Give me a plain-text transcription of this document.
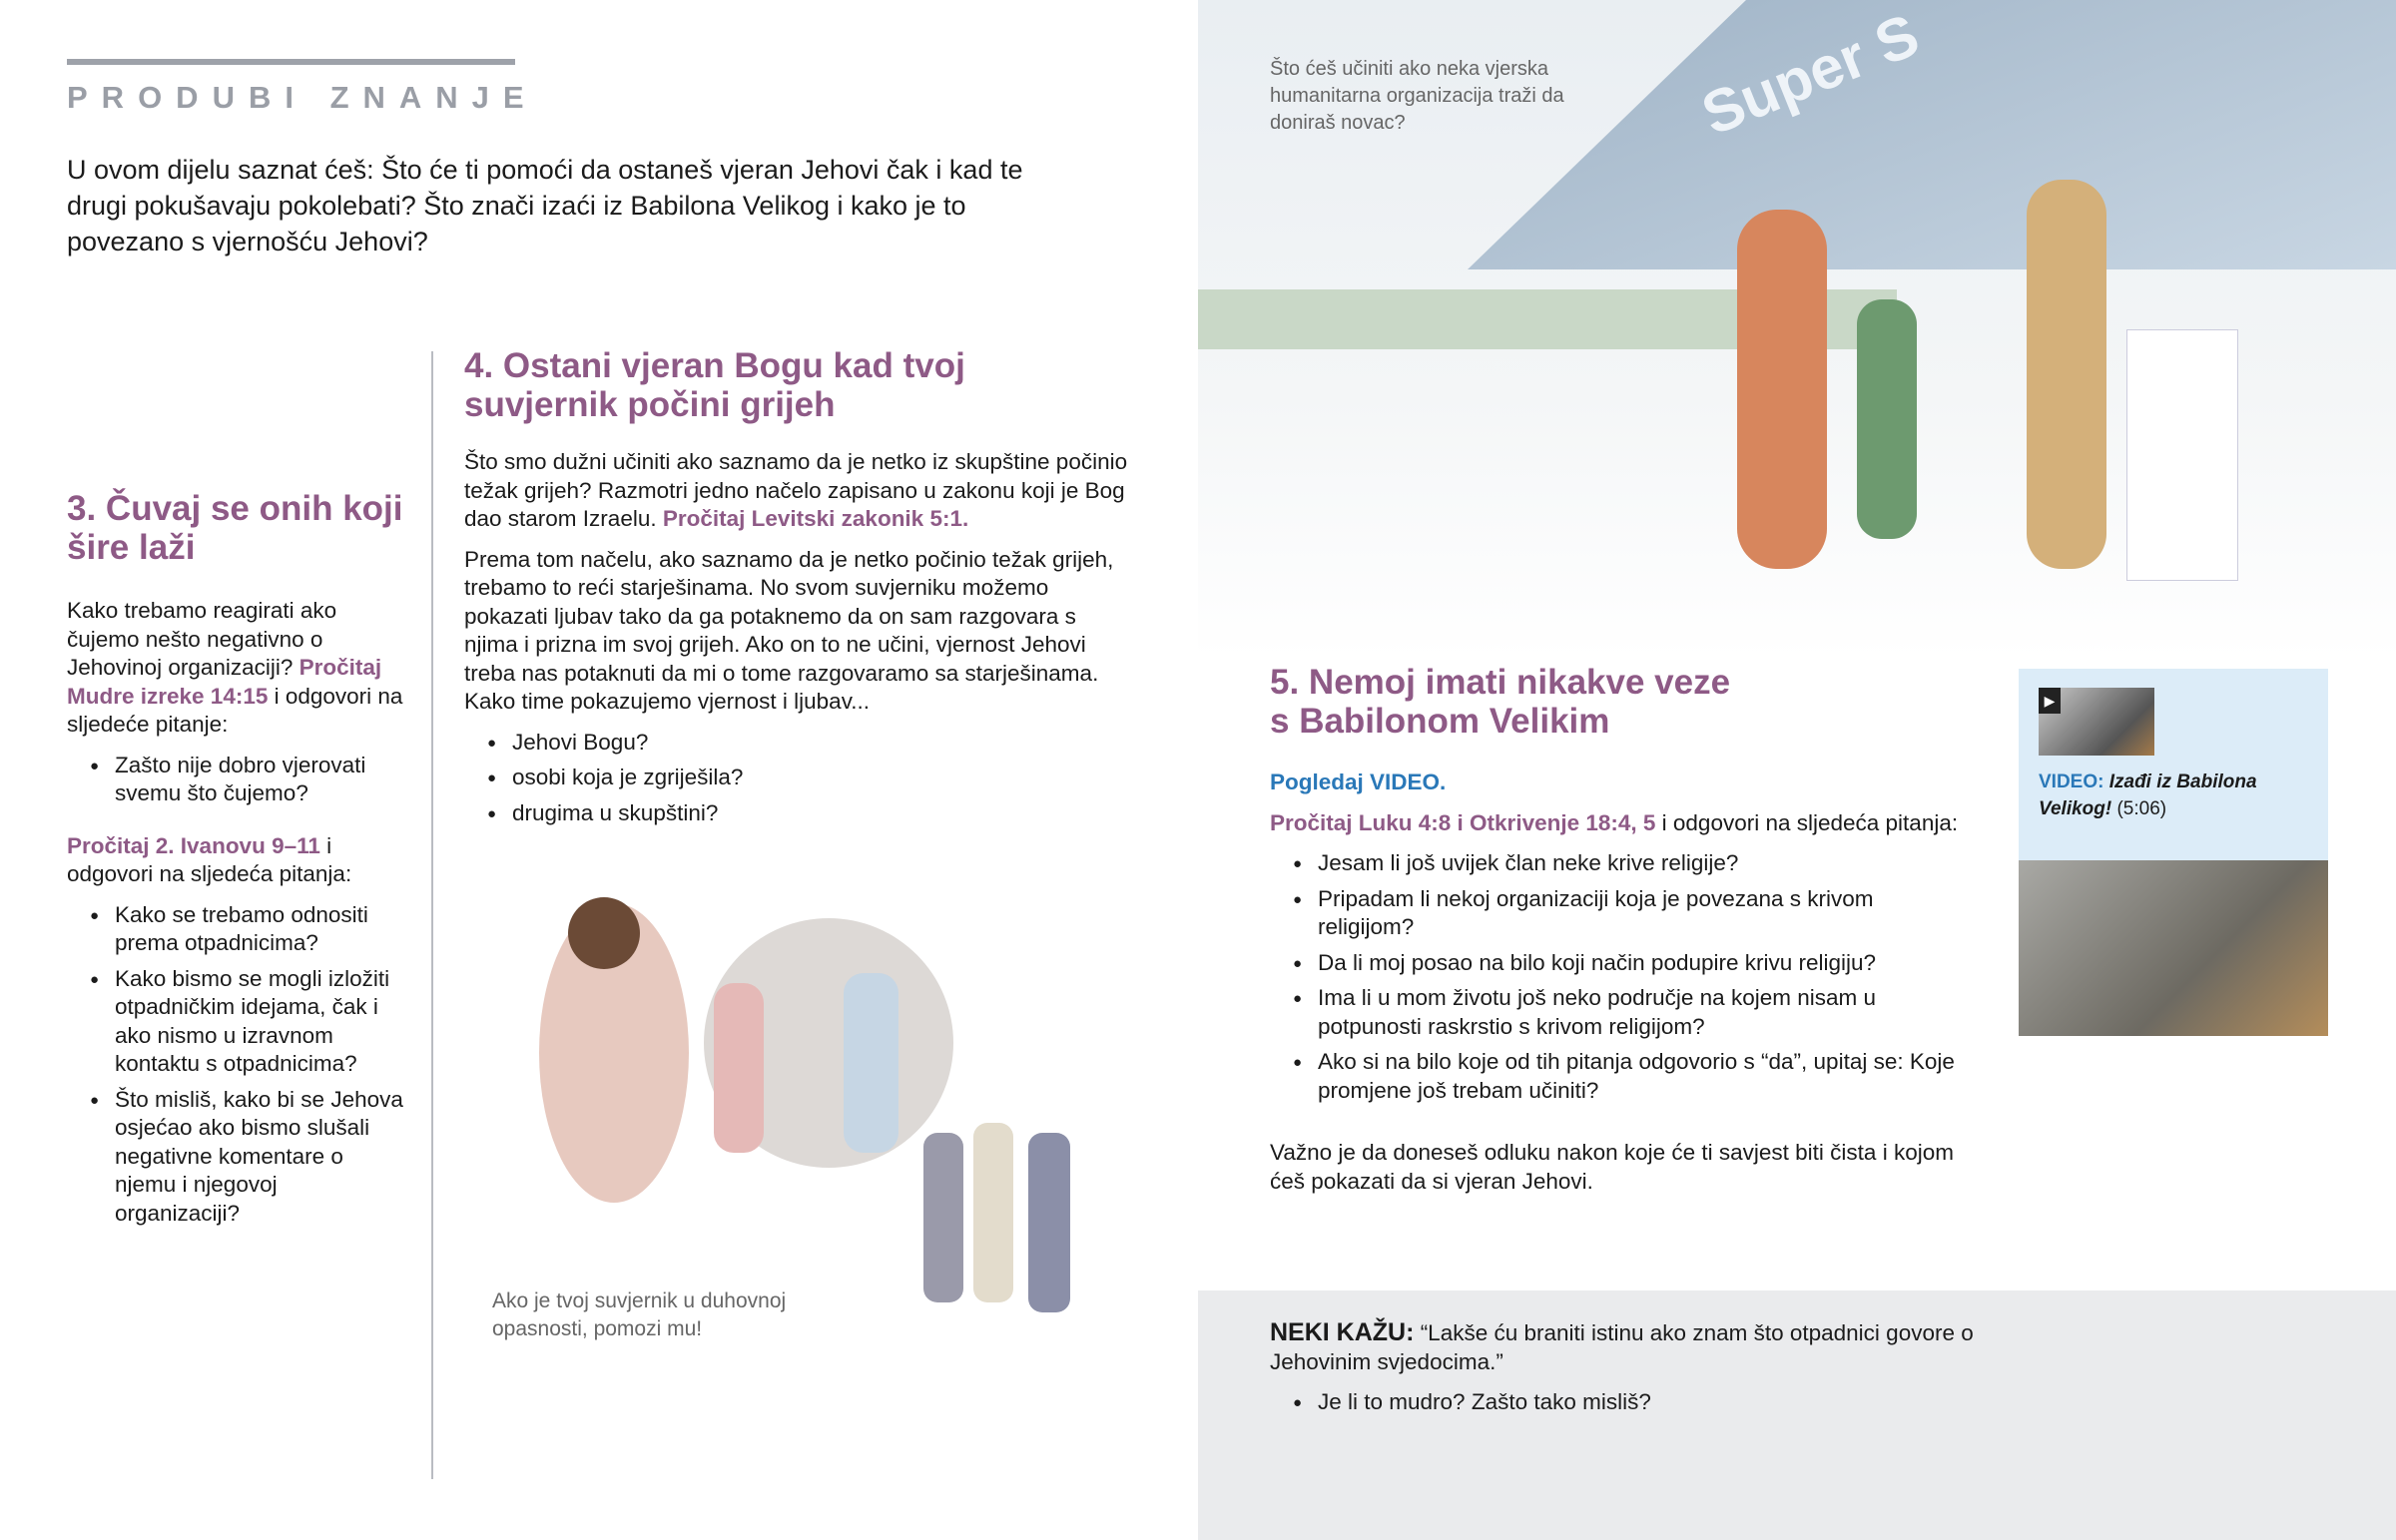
PRODUBI ZNANJE
U ovom dijelu saznat ćeš: Što će ti pomoći da ostaneš vjeran Jehovi čak i kad te drugi pokušavaju pokolebati? Što znači izaći iz Babilona Velikog i kako je to povezano s vjernošću Jehovi?
3. Čuvaj se onih koji šire laži

Kako trebamo reagirati ako čujemo nešto negativno o Jehovinoj organizaciji? Pročitaj Mudre izreke 14:15 i odgovori na sljedeće pitanje:

● Zašto nije dobro vjerovati svemu što čujemo?

Pročitaj 2. Ivanovu 9–11 i odgovori na sljedeća pitanja:

● Kako se trebamo odnositi prema otpadnicima?
● Kako bismo se mogli izložiti otpadničkim idejama, čak i ako nismo u izravnom kontaktu s otpadnicima?
● Što misliš, kako bi se Jehova osjećao ako bismo slušali negativne komentare o njemu i njegovoj organizaciji?
4. Ostani vjeran Bogu kad tvoj suvjernik počini grijeh

Što smo dužni učiniti ako saznamo da je netko iz skupštine počinio težak grijeh? Razmotri jedno načelo zapisano u zakonu koji je Bog dao starom Izraelu. Pročitaj Levitski zakonik 5:1.

Prema tom načelu, ako saznamo da je netko počinio težak grijeh, trebamo to reći starješinama. No svom suvjerniku možemo pokazati ljubav tako da ga potaknemo da on sam razgovara s njima i prizna im svoj grijeh. Ako on to ne učini, vjernost Jehovi treba nas potaknuti da mi o tome razgovaramo sa starješinama. Kako time pokazujemo vjernost i ljubav...

● Jehovi Bogu?
● osobi koja je zgriješila?
● drugima u skupštini?
Ako je tvoj suvjernik u duhovnoj opasnosti, pomozi mu!
Super S
Što ćeš učiniti ako neka vjerska humanitarna organizacija traži da doniraš novac?
5. Nemoj imati nikakve veze s Babilonom Velikim

Pogledaj VIDEO.

Pročitaj Luku 4:8 i Otkrivenje 18:4, 5 i odgovori na sljedeća pitanja:

● Jesam li još uvijek član neke krive religije?
● Pripadam li nekoj organizaciji koja je povezana s krivom religijom?
● Da li moj posao na bilo koji način podupire krivu religiju?
● Ima li u mom životu još neko područje na kojem nisam u potpunosti raskrstio s krivom religijom?
● Ako si na bilo koje od tih pitanja odgovorio s “da”, upitaj se: Koje promjene još trebam učiniti?

Važno je da doneseš odluku nakon koje će ti savjest biti čista i kojom ćeš pokazati da si vjeran Jehovi.

▶
VIDEO: Izađi iz Babilona Velikog! (5:06)

NEKI KAŽU: “Lakše ću braniti istinu ako znam što otpadnici govore o Jehovinim svjedocima.”

● Je li to mudro? Zašto tako misliš?
